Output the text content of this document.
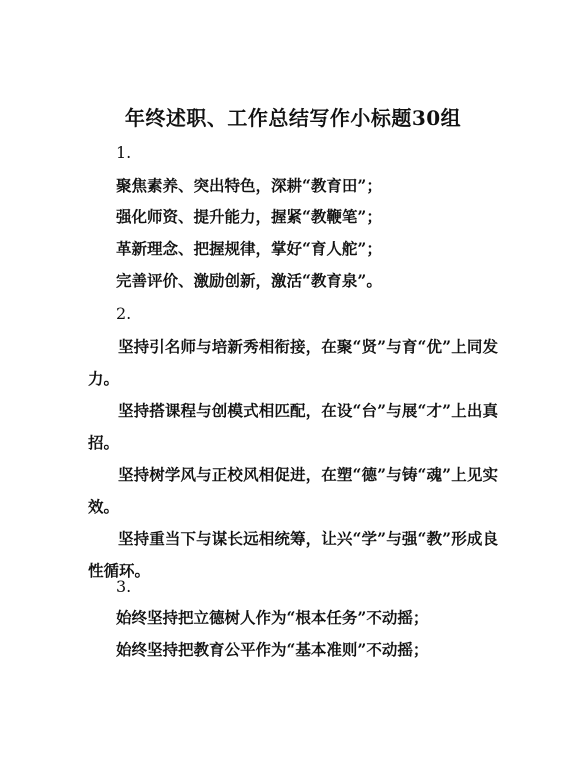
年终述职、工作总结写作小标题30组
1.
聚焦素养、突出特色，深耕“教育田”；
强化师资、提升能力，握紧“教鞭笔”；
革新理念、把握规律，掌好“育人舵”；
完善评价、激励创新，激活“教育泉”。
2.
坚持引名师与培新秀相衔接，在聚“贤”与育“优”上同发力。
坚持搭课程与创模式相匹配，在设“台”与展“才”上出真招。
坚持树学风与正校风相促进，在塑“德”与铸“魂”上见实效。
坚持重当下与谋长远相统筹，让兴“学”与强“教”形成良性循环。
3.
始终坚持把立德树人作为“根本任务”不动摇；
始终坚持把教育公平作为“基本准则”不动摇；
